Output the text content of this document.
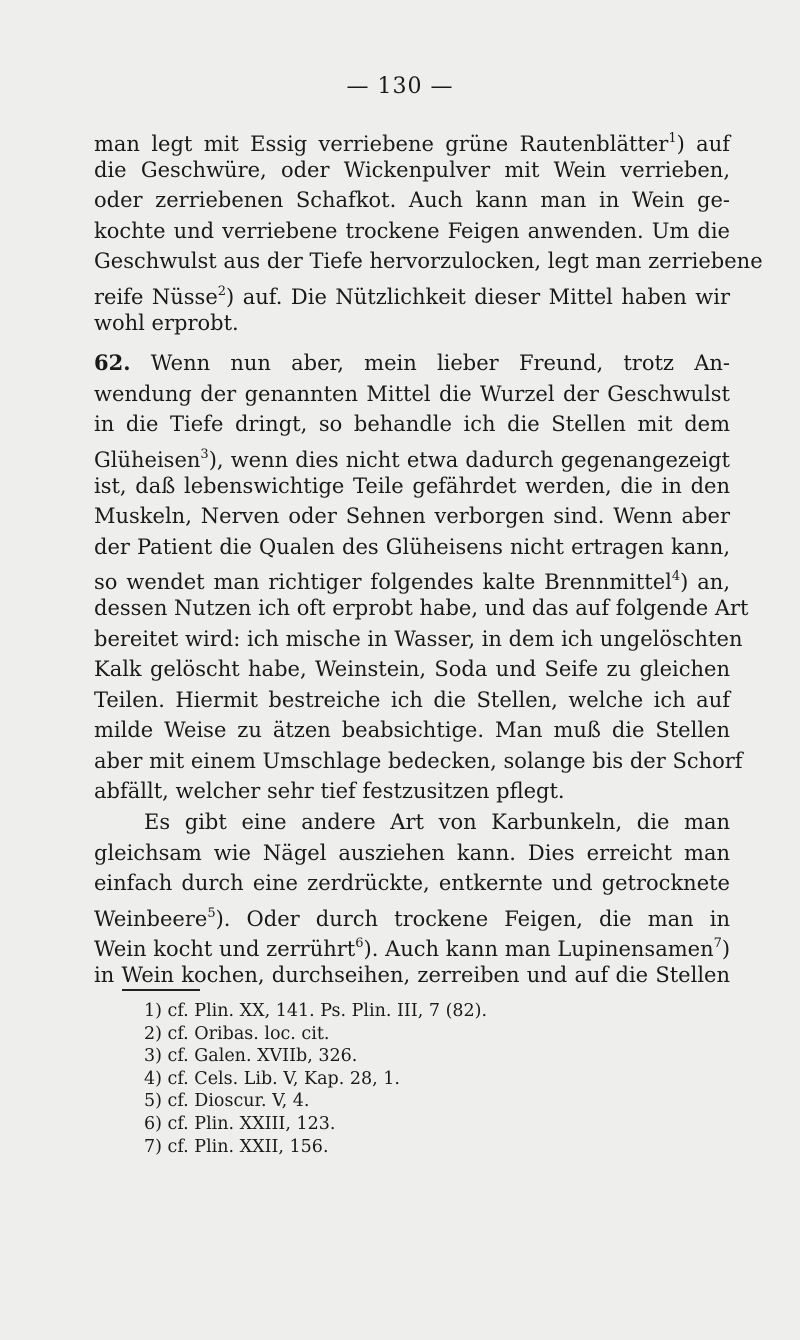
— 130 —
man legt mit Essig verriebene grüne Rautenblätter$^1$) auf
die Geschwüre, oder Wickenpulver mit Wein verrieben,
oder zerriebenen Schafkot. Auch kann man in Wein ge-
kochte und verriebene trockene Feigen anwenden. Um die
Geschwulst aus der Tiefe hervorzulocken, legt man zerriebene
reife Nüsse$^2$) auf. Die Nützlichkeit dieser Mittel haben wir
wohl erprobt.
62. Wenn nun aber, mein lieber Freund, trotz An-
wendung der genannten Mittel die Wurzel der Geschwulst
in die Tiefe dringt, so behandle ich die Stellen mit dem
Glüheisen$^3$), wenn dies nicht etwa dadurch gegenangezeigt
ist, daß lebenswichtige Teile gefährdet werden, die in den
Muskeln, Nerven oder Sehnen verborgen sind. Wenn aber
der Patient die Qualen des Glüheisens nicht ertragen kann,
so wendet man richtiger folgendes kalte Brennmittel$^4$) an,
dessen Nutzen ich oft erprobt habe, und das auf folgende Art
bereitet wird: ich mische in Wasser, in dem ich ungelöschten
Kalk gelöscht habe, Weinstein, Soda und Seife zu gleichen
Teilen. Hiermit bestreiche ich die Stellen, welche ich auf
milde Weise zu ätzen beabsichtige. Man muß die Stellen
aber mit einem Umschlage bedecken, solange bis der Schorf
abfällt, welcher sehr tief festzusitzen pflegt.
Es gibt eine andere Art von Karbunkeln, die man
gleichsam wie Nägel ausziehen kann. Dies erreicht man
einfach durch eine zerdrückte, entkernte und getrocknete
Weinbeere$^5$). Oder durch trockene Feigen, die man in
Wein kocht und zerrührt$^6$). Auch kann man Lupinensamen$^7$)
in Wein kochen, durchseihen, zerreiben und auf die Stellen
1) cf. Plin. XX, 141. Ps. Plin. III, 7 (82).
2) cf. Oribas. loc. cit.
3) cf. Galen. XVIIb, 326.
4) cf. Cels. Lib. V, Kap. 28, 1.
5) cf. Dioscur. V, 4.
6) cf. Plin. XXIII, 123.
7) cf. Plin. XXII, 156.
